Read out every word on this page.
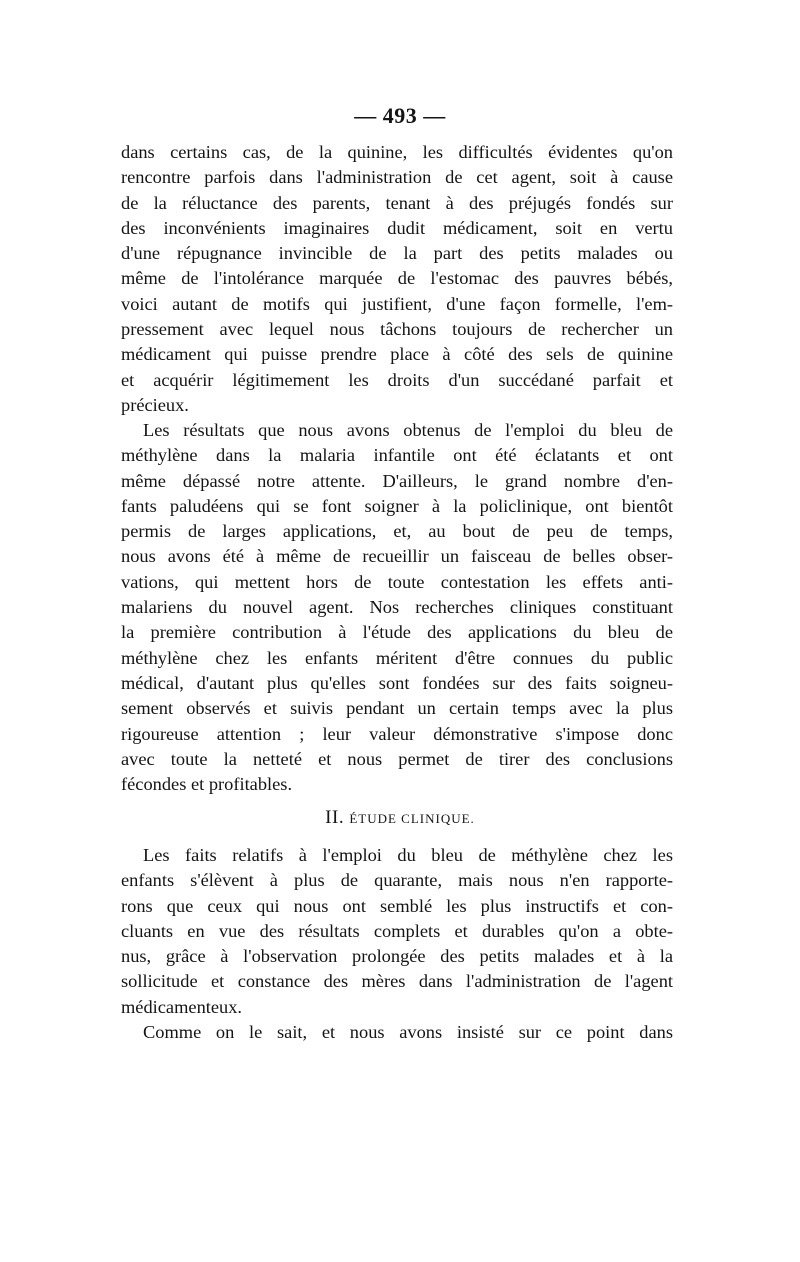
— 493 —
dans certains cas, de la quinine, les difficultés évidentes qu'on
rencontre parfois dans l'administration de cet agent, soit à cause
de la réluctance des parents, tenant à des préjugés fondés sur
des inconvénients imaginaires dudit médicament, soit en vertu
d'une répugnance invincible de la part des petits malades ou
même de l'intolérance marquée de l'estomac des pauvres bébés,
voici autant de motifs qui justifient, d'une façon formelle, l'em-
pressement avec lequel nous tâchons toujours de rechercher un
médicament qui puisse prendre place à côté des sels de quinine
et acquérir légitimement les droits d'un succédané parfait et
précieux.
Les résultats que nous avons obtenus de l'emploi du bleu de
méthylène dans la malaria infantile ont été éclatants et ont
même dépassé notre attente. D'ailleurs, le grand nombre d'en-
fants paludéens qui se font soigner à la policlinique, ont bientôt
permis de larges applications, et, au bout de peu de temps,
nous avons été à même de recueillir un faisceau de belles obser-
vations, qui mettent hors de toute contestation les effets anti-
malariens du nouvel agent. Nos recherches cliniques constituant
la première contribution à l'étude des applications du bleu de
méthylène chez les enfants méritent d'être connues du public
médical, d'autant plus qu'elles sont fondées sur des faits soigneu-
sement observés et suivis pendant un certain temps avec la plus
rigoureuse attention ; leur valeur démonstrative s'impose donc
avec toute la netteté et nous permet de tirer des conclusions
fécondes et profitables.
II. ÉTUDE CLINIQUE.
Les faits relatifs à l'emploi du bleu de méthylène chez les
enfants s'élèvent à plus de quarante, mais nous n'en rapporte-
rons que ceux qui nous ont semblé les plus instructifs et con-
cluants en vue des résultats complets et durables qu'on a obte-
nus, grâce à l'observation prolongée des petits malades et à la
sollicitude et constance des mères dans l'administration de l'agent
médicamenteux.
Comme on le sait, et nous avons insisté sur ce point dans
